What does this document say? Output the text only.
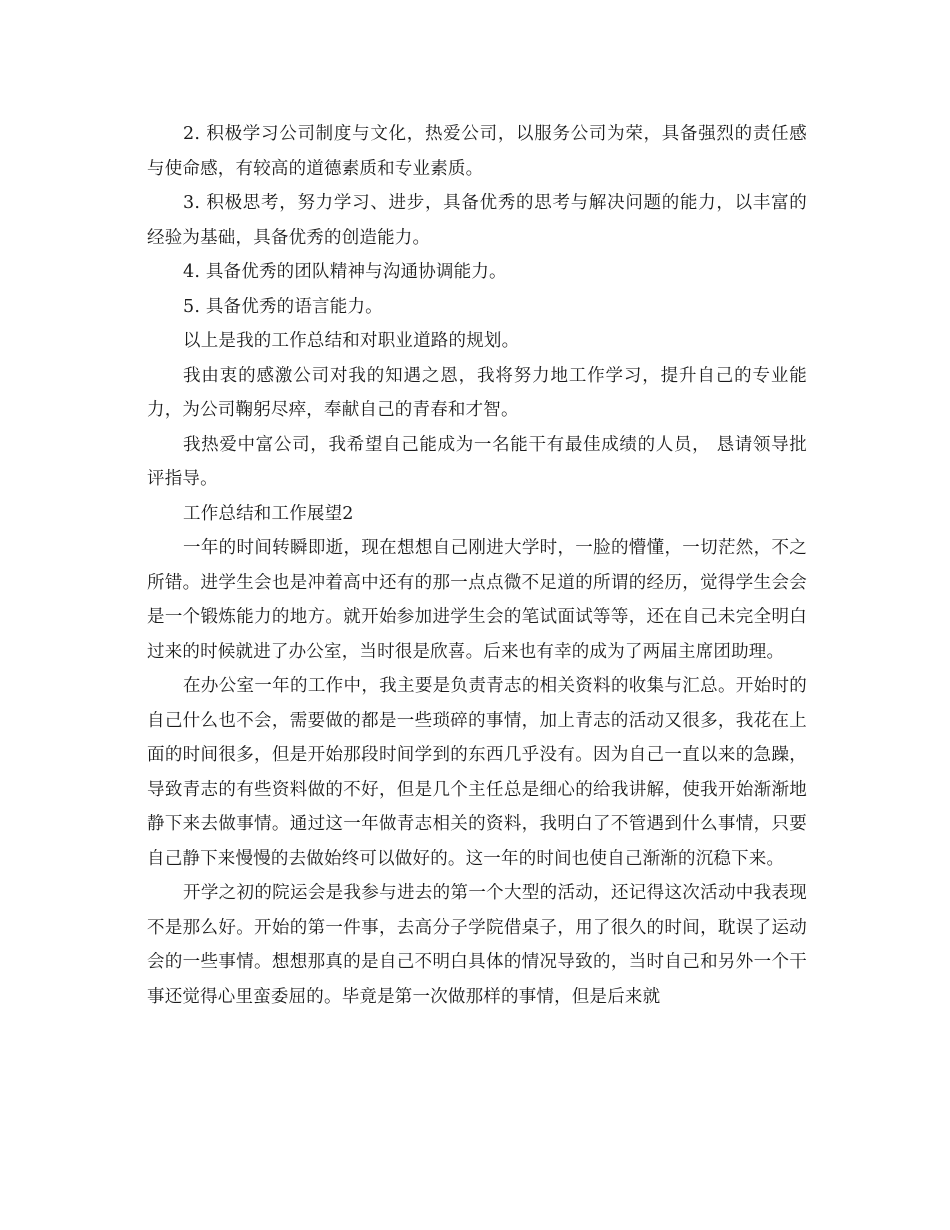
2. 积极学习公司制度与文化，热爱公司，以服务公司为荣，具备强烈的责任感与使命感，有较高的道德素质和专业素质。

3. 积极思考，努力学习、进步，具备优秀的思考与解决问题的能力，以丰富的经验为基础，具备优秀的创造能力。

4. 具备优秀的团队精神与沟通协调能力。

5. 具备优秀的语言能力。

以上是我的工作总结和对职业道路的规划。

我由衷的感激公司对我的知遇之恩，我将努力地工作学习，提升自己的专业能力，为公司鞠躬尽瘁，奉献自己的青春和才智。

我热爱中富公司，我希望自己能成为一名能干有最佳成绩的人员， 恳请领导批评指导。

工作总结和工作展望2

一年的时间转瞬即逝，现在想想自己刚进大学时，一脸的懵懂，一切茫然，不之所错。进学生会也是冲着高中还有的那一点点微不足道的所谓的经历，觉得学生会会是一个锻炼能力的地方。就开始参加进学生会的笔试面试等等，还在自己未完全明白过来的时候就进了办公室，当时很是欣喜。后来也有幸的成为了两届主席团助理。

在办公室一年的工作中，我主要是负责青志的相关资料的收集与汇总。开始时的自己什么也不会，需要做的都是一些琐碎的事情，加上青志的活动又很多，我花在上面的时间很多，但是开始那段时间学到的东西几乎没有。因为自己一直以来的急躁，导致青志的有些资料做的不好，但是几个主任总是细心的给我讲解，使我开始渐渐地静下来去做事情。通过这一年做青志相关的资料，我明白了不管遇到什么事情，只要自己静下来慢慢的去做始终可以做好的。这一年的时间也使自己渐渐的沉稳下来。

开学之初的院运会是我参与进去的第一个大型的活动，还记得这次活动中我表现不是那么好。开始的第一件事，去高分子学院借桌子，用了很久的时间，耽误了运动会的一些事情。想想那真的是自己不明白具体的情况导致的，当时自己和另外一个干事还觉得心里蛮委屈的。毕竟是第一次做那样的事情，但是后来就
